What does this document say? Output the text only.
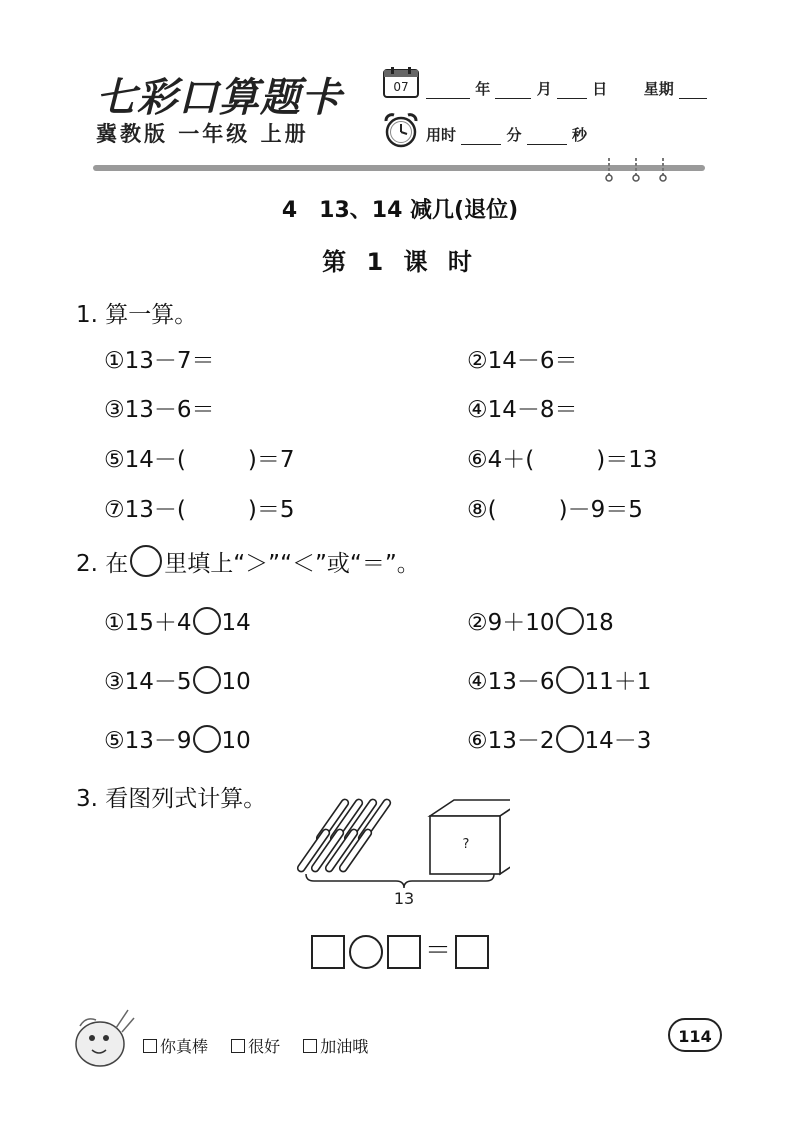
七彩口算题卡
冀教版 一年级 上册
07	年	月	日 星期
用时	分	秒
4　13、14 减几(退位)
第 1 课 时
1. 算一算。
①13－7＝	②14－6＝
③13－6＝	④14－8＝
⑤14－(	)＝7	⑥4＋(	)＝13
⑦13－(	)＝5	⑧(	)－9＝5
2. 在 里填上“＞”“＜”或“＝”。
①15＋4 14	②9＋10 18
③14－5 10	④13－6 11＋1
⑤13－9 10	⑥13－2 14－3
3. 看图列式计算。
?
13
＝
你真棒	很好	加油哦
114
